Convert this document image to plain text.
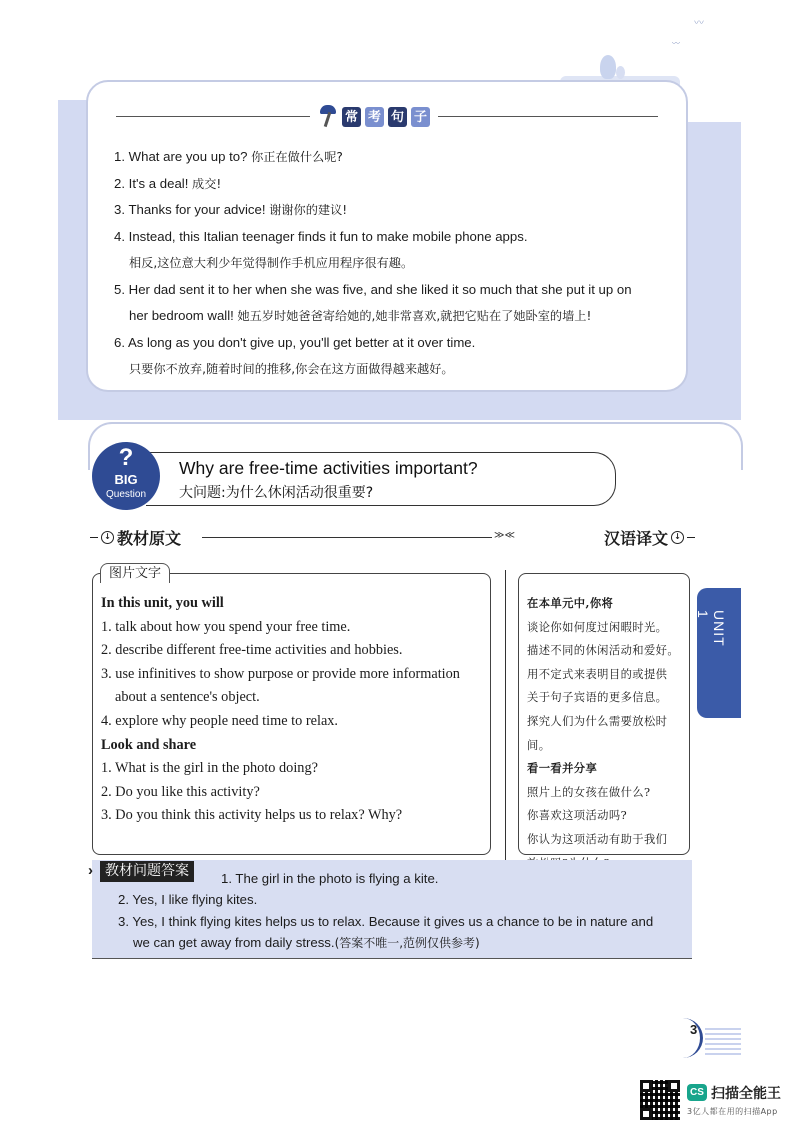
〰
〰
常 考 句 子
1. What are you up to? 你正在做什么呢?
2. It's a deal! 成交!
3. Thanks for your advice! 谢谢你的建议!
4. Instead, this Italian teenager finds it fun to make mobile phone apps.
相反,这位意大利少年觉得制作手机应用程序很有趣。
5. Her dad sent it to her when she was five, and she liked it so much that she put it up on
her bedroom wall! 她五岁时她爸爸寄给她的,她非常喜欢,就把它贴在了她卧室的墙上!
6. As long as you don't give up, you'll get better at it over time.
只要你不放弃,随着时间的推移,你会在这方面做得越来越好。
?
BIG
Question
Why are free-time activities important?
大问题:为什么休闲活动很重要?
↓ 教材原文	≫≪	汉语译文 ↓
图片文字
In this unit, you will
1. talk about how you spend your free time.
2. describe different free-time activities and hobbies.
3. use infinitives to show purpose or provide more information
about a sentence's object.
4. explore why people need time to relax.
Look and share
1. What is the girl in the photo doing?
2. Do you like this activity?
3. Do you think this activity helps us to relax? Why?
在本单元中,你将
谈论你如何度过闲暇时光。
描述不同的休闲活动和爱好。
用不定式来表明目的或提供
关于句子宾语的更多信息。
探究人们为什么需要放松时间。
看一看并分享
照片上的女孩在做什么?
你喜欢这项活动吗?
你认为这项活动有助于我们
UNIT 1
› 教材问题答案	1. The girl in the photo is flying a kite.
2. Yes, I like flying kites.
3. Yes, I think flying kites helps us to relax. Because it gives us a chance to be in nature and
we can get away from daily stress.(答案不唯一,范例仅供参考)
3
CS 扫描全能王
3亿人都在用的扫描App
